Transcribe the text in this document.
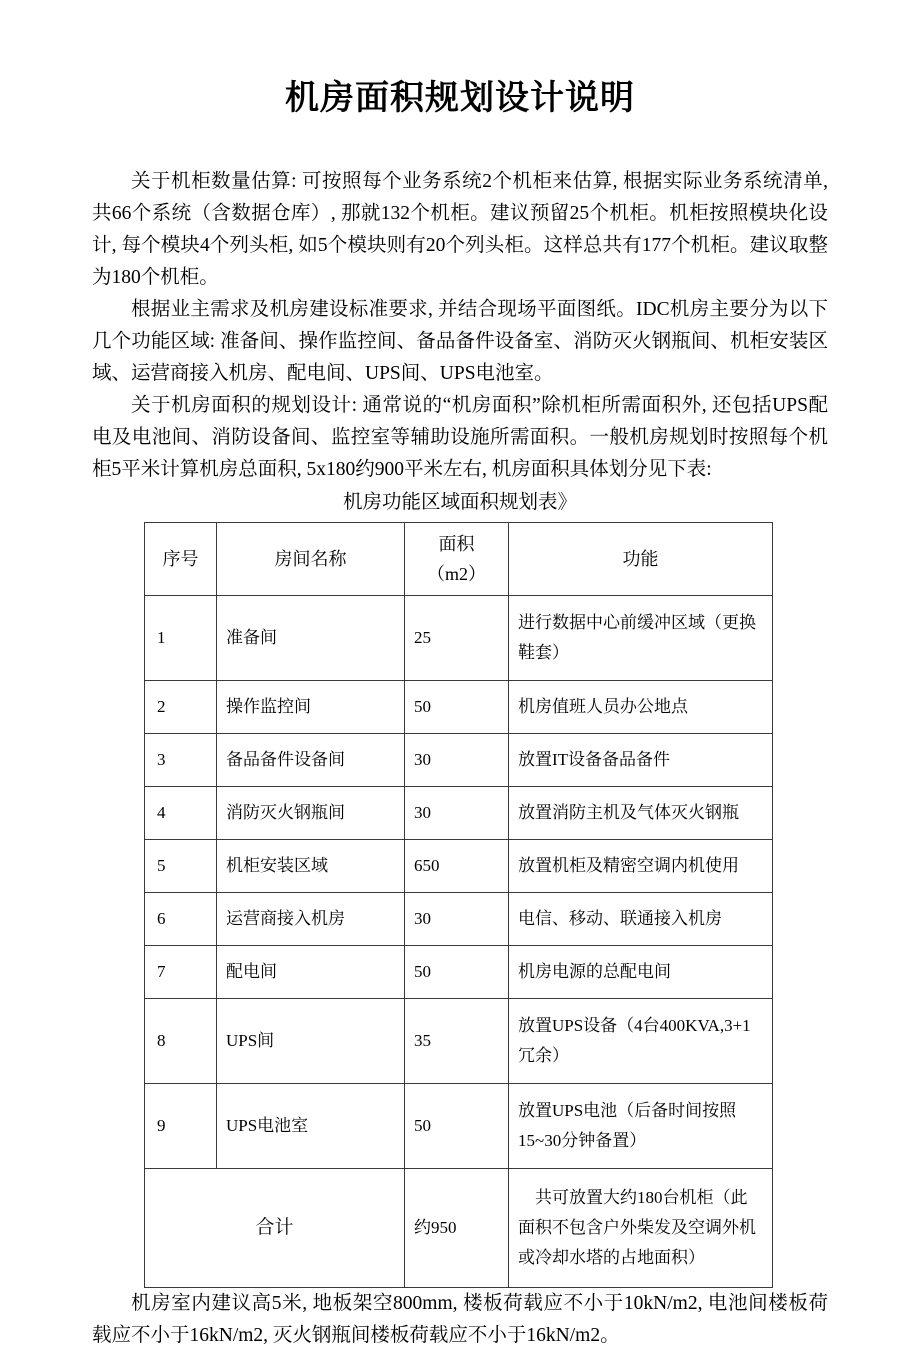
机房面积规划设计说明

关于机柜数量估算: 可按照每个业务系统2个机柜来估算, 根据实际业务系统清单, 共66个系统（含数据仓库）, 那就132个机柜。建议预留25个机柜。机柜按照模块化设计, 每个模块4个列头柜, 如5个模块则有20个列头柜。这样总共有177个机柜。建议取整为180个机柜。

根据业主需求及机房建设标准要求, 并结合现场平面图纸。IDC机房主要分为以下几个功能区域: 准备间、操作监控间、备品备件设备室、消防灭火钢瓶间、机柜安装区域、运营商接入机房、配电间、UPS间、UPS电池室。

关于机房面积的规划设计: 通常说的“机房面积”除机柜所需面积外, 还包括UPS配电及电池间、消防设备间、监控室等辅助设施所需面积。一般机房规划时按照每个机柜5平米计算机房总面积, 5x180约900平米左右, 机房面积具体划分见下表:

机房功能区域面积规划表》

序号	房间名称	面积（m2）	功能
1	准备间	25	进行数据中心前缓冲区域（更换鞋套）
2	操作监控间	50	机房值班人员办公地点
3	备品备件设备间	30	放置IT设备备品备件
4	消防灭火钢瓶间	30	放置消防主机及气体灭火钢瓶
5	机柜安装区域	650	放置机柜及精密空调内机使用
6	运营商接入机房	30	电信、移动、联通接入机房
7	配电间	50	机房电源的总配电间
8	UPS间	35	放置UPS设备（4台400KVA,3+1冗余）
9	UPS电池室	50	放置UPS电池（后备时间按照15~30分钟备置）
合计		约950	共可放置大约180台机柜（此面积不包含户外柴发及空调外机或冷却水塔的占地面积）

机房室内建议高5米, 地板架空800mm, 楼板荷载应不小于10kN/m2, 电池间楼板荷载应不小于16kN/m2, 灭火钢瓶间楼板荷载应不小于16kN/m2。
